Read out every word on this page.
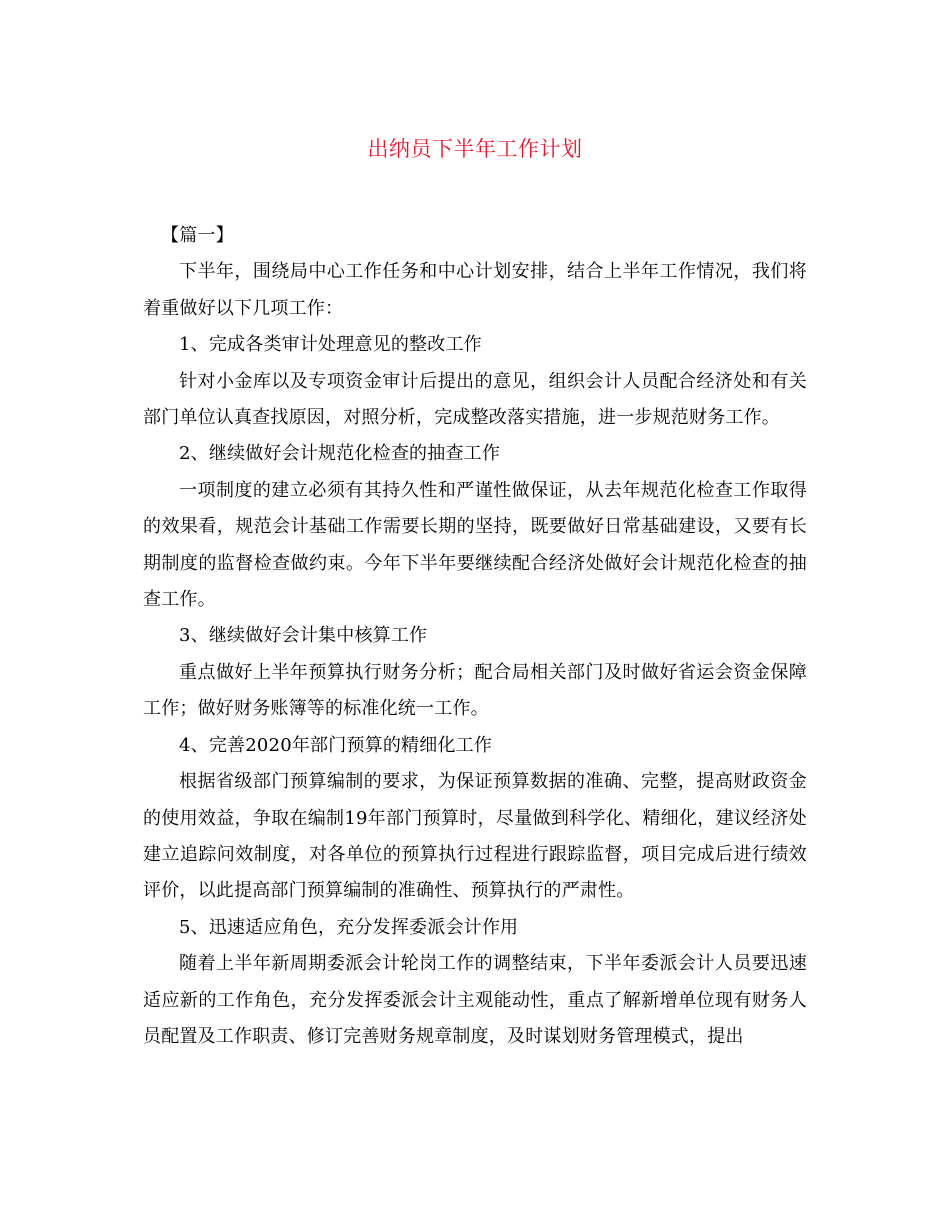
出纳员下半年工作计划

【篇一】

下半年，围绕局中心工作任务和中心计划安排，结合上半年工作情况，我们将着重做好以下几项工作：

1、完成各类审计处理意见的整改工作

针对小金库以及专项资金审计后提出的意见，组织会计人员配合经济处和有关部门单位认真查找原因，对照分析，完成整改落实措施，进一步规范财务工作。

2、继续做好会计规范化检查的抽查工作

一项制度的建立必须有其持久性和严谨性做保证，从去年规范化检查工作取得的效果看，规范会计基础工作需要长期的坚持，既要做好日常基础建设，又要有长期制度的监督检查做约束。今年下半年要继续配合经济处做好会计规范化检查的抽查工作。

3、继续做好会计集中核算工作

重点做好上半年预算执行财务分析；配合局相关部门及时做好省运会资金保障工作；做好财务账簿等的标准化统一工作。

4、完善2020年部门预算的精细化工作

根据省级部门预算编制的要求，为保证预算数据的准确、完整，提高财政资金的使用效益，争取在编制19年部门预算时，尽量做到科学化、精细化，建议经济处建立追踪问效制度，对各单位的预算执行过程进行跟踪监督，项目完成后进行绩效评价，以此提高部门预算编制的准确性、预算执行的严肃性。

5、迅速适应角色，充分发挥委派会计作用

随着上半年新周期委派会计轮岗工作的调整结束，下半年委派会计人员要迅速适应新的工作角色，充分发挥委派会计主观能动性，重点了解新增单位现有财务人员配置及工作职责、修订完善财务规章制度，及时谋划财务管理模式，提出
